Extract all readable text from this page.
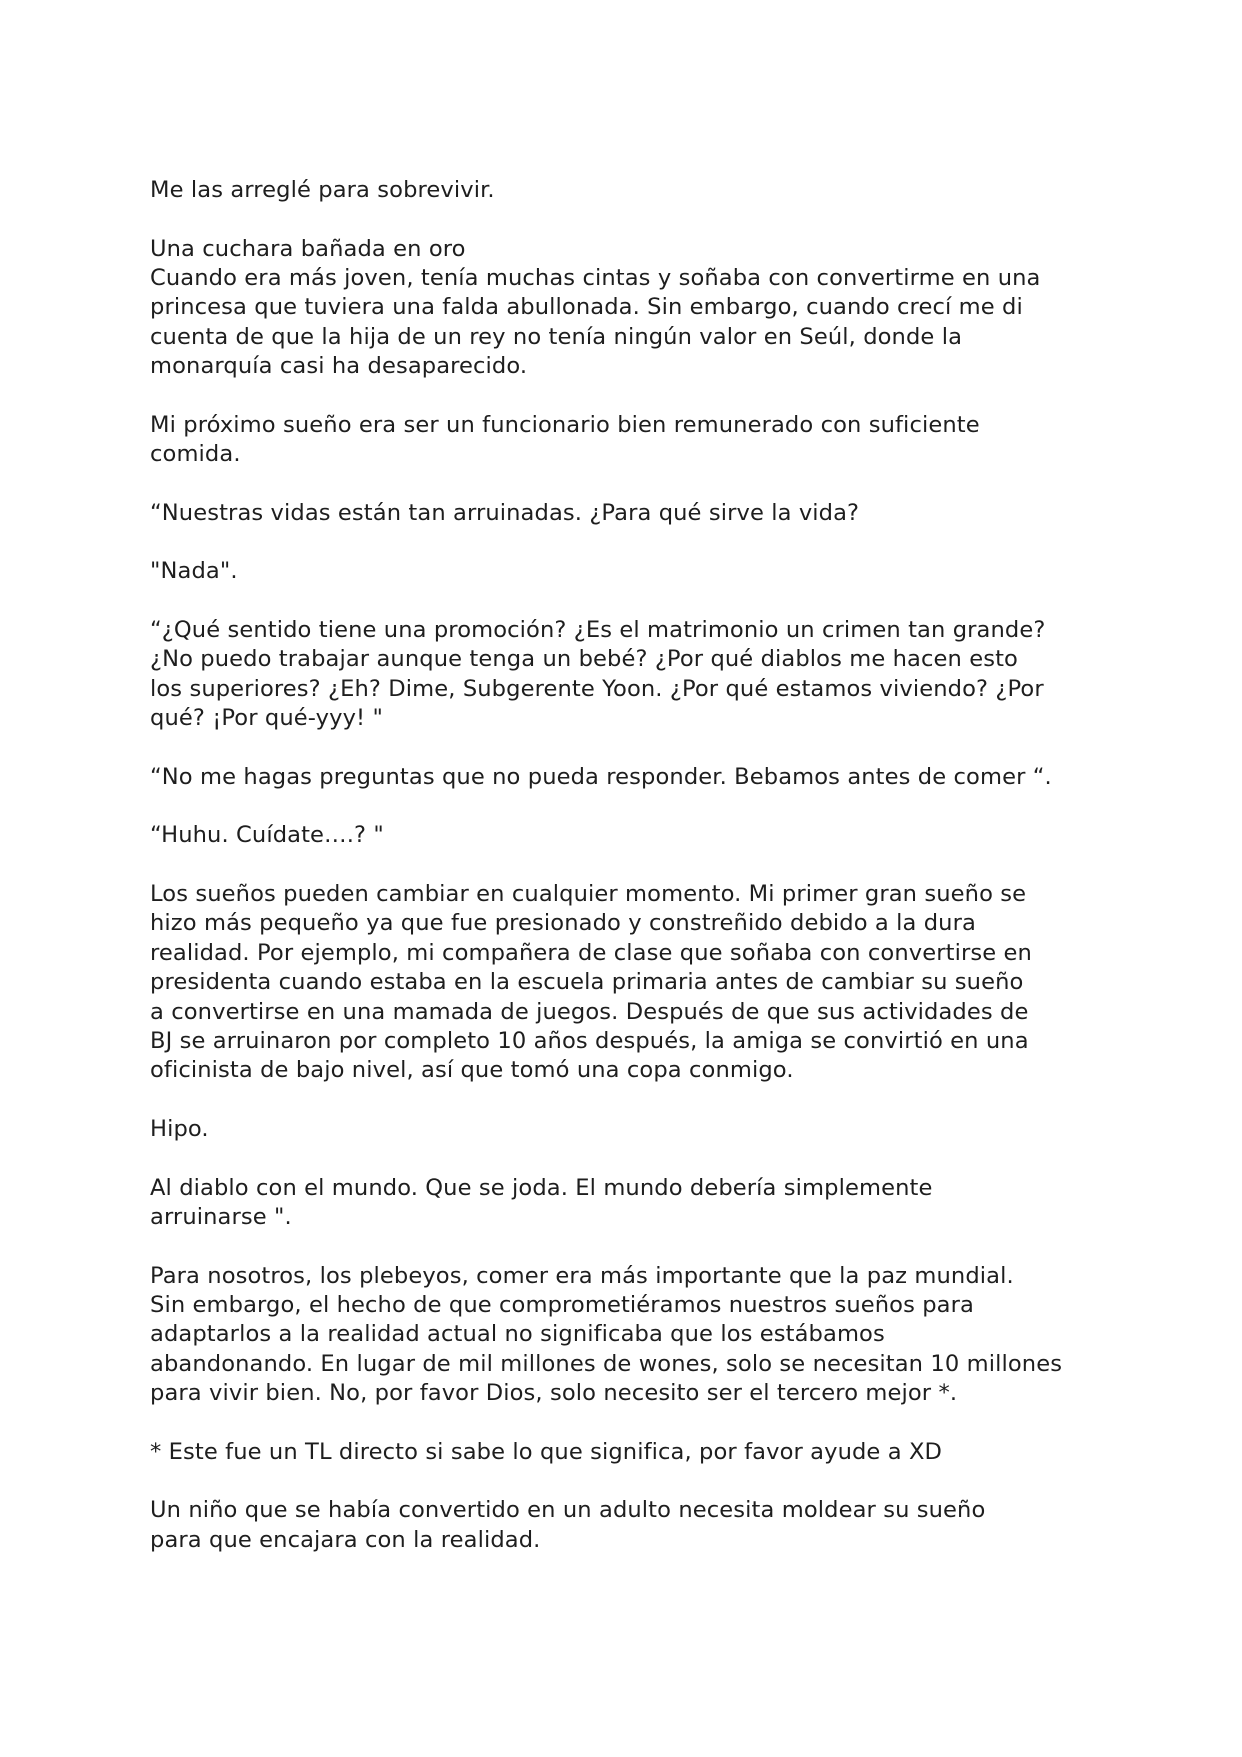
Me las arreglé para sobrevivir.

Una cuchara bañada en oro
Cuando era más joven, tenía muchas cintas y soñaba con convertirme en una
princesa que tuviera una falda abullonada. Sin embargo, cuando crecí me di
cuenta de que la hija de un rey no tenía ningún valor en Seúl, donde la
monarquía casi ha desaparecido.

Mi próximo sueño era ser un funcionario bien remunerado con suficiente
comida.

“Nuestras vidas están tan arruinadas. ¿Para qué sirve la vida?

"Nada".

“¿Qué sentido tiene una promoción? ¿Es el matrimonio un crimen tan grande?
¿No puedo trabajar aunque tenga un bebé? ¿Por qué diablos me hacen esto
los superiores? ¿Eh? Dime, Subgerente Yoon. ¿Por qué estamos viviendo? ¿Por
qué? ¡Por qué-yyy! "

“No me hagas preguntas que no pueda responder. Bebamos antes de comer “.

“Huhu. Cuídate….? "

Los sueños pueden cambiar en cualquier momento. Mi primer gran sueño se
hizo más pequeño ya que fue presionado y constreñido debido a la dura
realidad. Por ejemplo, mi compañera de clase que soñaba con convertirse en
presidenta cuando estaba en la escuela primaria antes de cambiar su sueño
a convertirse en una mamada de juegos. Después de que sus actividades de
BJ se arruinaron por completo 10 años después, la amiga se convirtió en una
oficinista de bajo nivel, así que tomó una copa conmigo.

Hipo.

Al diablo con el mundo. Que se joda. El mundo debería simplemente
arruinarse ".

Para nosotros, los plebeyos, comer era más importante que la paz mundial.
Sin embargo, el hecho de que comprometiéramos nuestros sueños para
adaptarlos a la realidad actual no significaba que los estábamos
abandonando. En lugar de mil millones de wones, solo se necesitan 10 millones
para vivir bien. No, por favor Dios, solo necesito ser el tercero mejor *.

* Este fue un TL directo si sabe lo que significa, por favor ayude a XD

Un niño que se había convertido en un adulto necesita moldear su sueño
para que encajara con la realidad.
